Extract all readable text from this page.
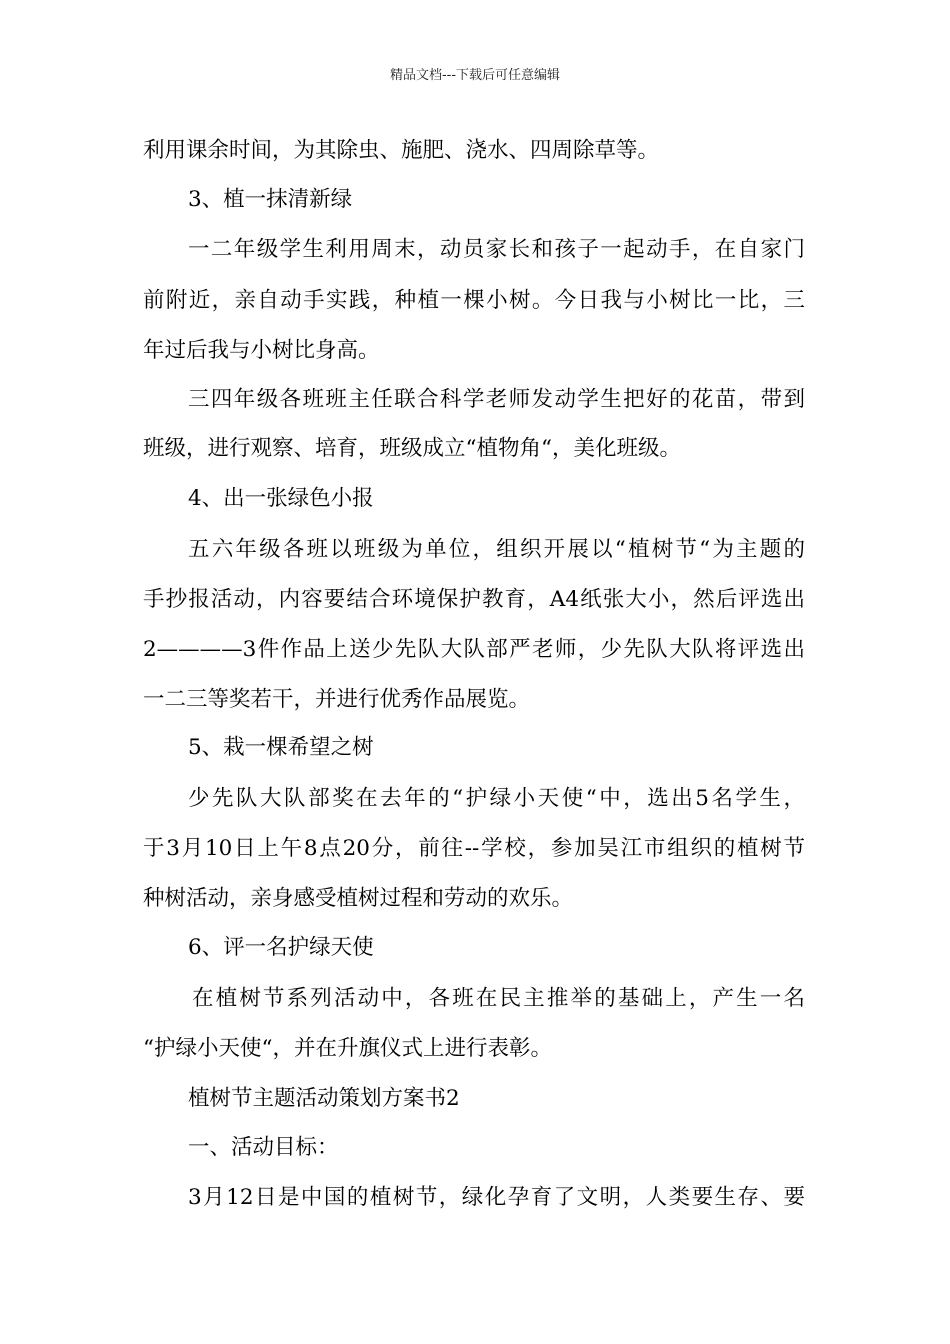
精品文档---下载后可任意编辑

利用课余时间，为其除虫、施肥、浇水、四周除草等。

3、植一抹清新绿

一二年级学生利用周末，动员家长和孩子一起动手，在自家门

前附近，亲自动手实践，种植一棵小树。今日我与小树比一比，三

年过后我与小树比身高。

三四年级各班班主任联合科学老师发动学生把好的花苗，带到

班级，进行观察、培育，班级成立“植物角“，美化班级。

4、出一张绿色小报

五六年级各班以班级为单位，组织开展以“植树节“为主题的

手抄报活动，内容要结合环境保护教育，A4纸张大小，然后评选出

2————3件作品上送少先队大队部严老师，少先队大队将评选出

一二三等奖若干，并进行优秀作品展览。

5、栽一棵希望之树

少先队大队部奖在去年的“护绿小天使“中，选出5名学生，

于3月10日上午8点20分，前往--学校，参加吴江市组织的植树节

种树活动，亲身感受植树过程和劳动的欢乐。

6、评一名护绿天使

在植树节系列活动中，各班在民主推举的基础上，产生一名

“护绿小天使“，并在升旗仪式上进行表彰。

植树节主题活动策划方案书2

一、活动目标：

3月12日是中国的植树节，绿化孕育了文明，人类要生存、要
